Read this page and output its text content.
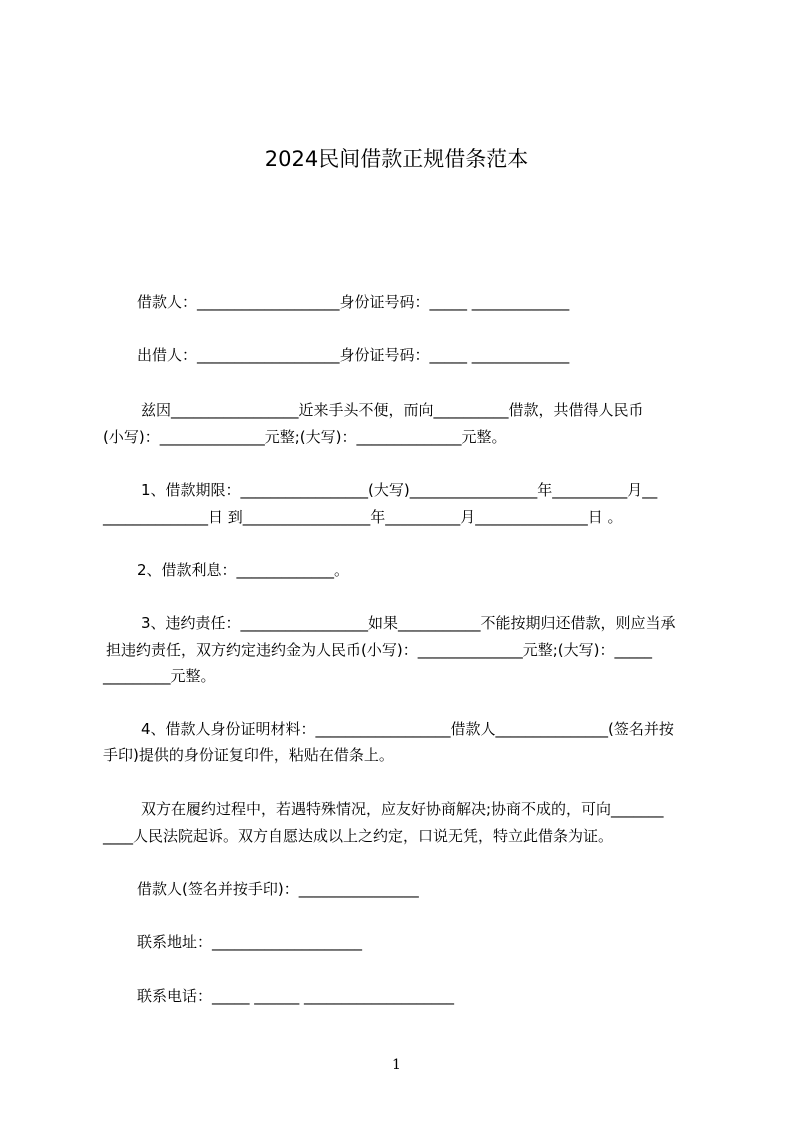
2024民间借款正规借条范本
借款人：___________________身份证号码：_____ _____________
出借人：___________________身份证号码：_____ _____________
兹因_________________近来手头不便，而向__________借款，共借得人民币
(小写)：______________元整;(大写)：______________元整。
1、借款期限：_________________(大写)_________________年__________月__
______________日 到_________________年__________月_______________日 。
2、借款利息：_____________。
3、违约责任：_________________如果___________不能按期归还借款，则应当承
担违约责任，双方约定违约金为人民币(小写)：______________元整;(大写)：_____
_________元整。
4、借款人身份证明材料：__________________借款人_______________(签名并按
手印)提供的身份证复印件，粘贴在借条上。
双方在履约过程中，若遇特殊情况，应友好协商解决;协商不成的，可向_______
____人民法院起诉。双方自愿达成以上之约定，口说无凭，特立此借条为证。
借款人(签名并按手印)：________________
联系地址：____________________
联系电话：_____ ______ ____________________
1
